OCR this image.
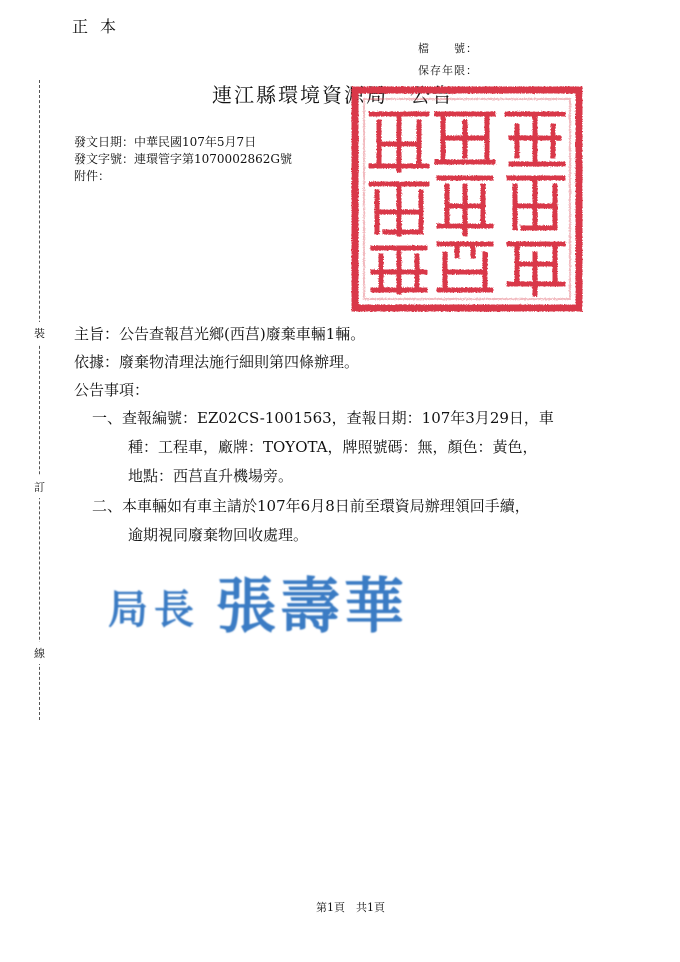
正本
檔　　號：
保存年限：
連江縣環境資源局　公告
發文日期：中華民國107年5月7日
發文字號：連環管字第1070002862G號
附件：
裝
訂
線
主旨：公告查報莒光鄉(西莒)廢棄車輛1輛。
依據：廢棄物清理法施行細則第四條辦理。
公告事項：
一、查報編號：EZ02CS-1001563，查報日期：107年3月29日，車
種：工程車，廠牌：TOYOTA，牌照號碼：無，顏色：黃色，
地點：西莒直升機場旁。
二、本車輛如有車主請於107年6月8日前至環資局辦理領回手續，
逾期視同廢棄物回收處理。
局長 張壽華
第1頁　共1頁
